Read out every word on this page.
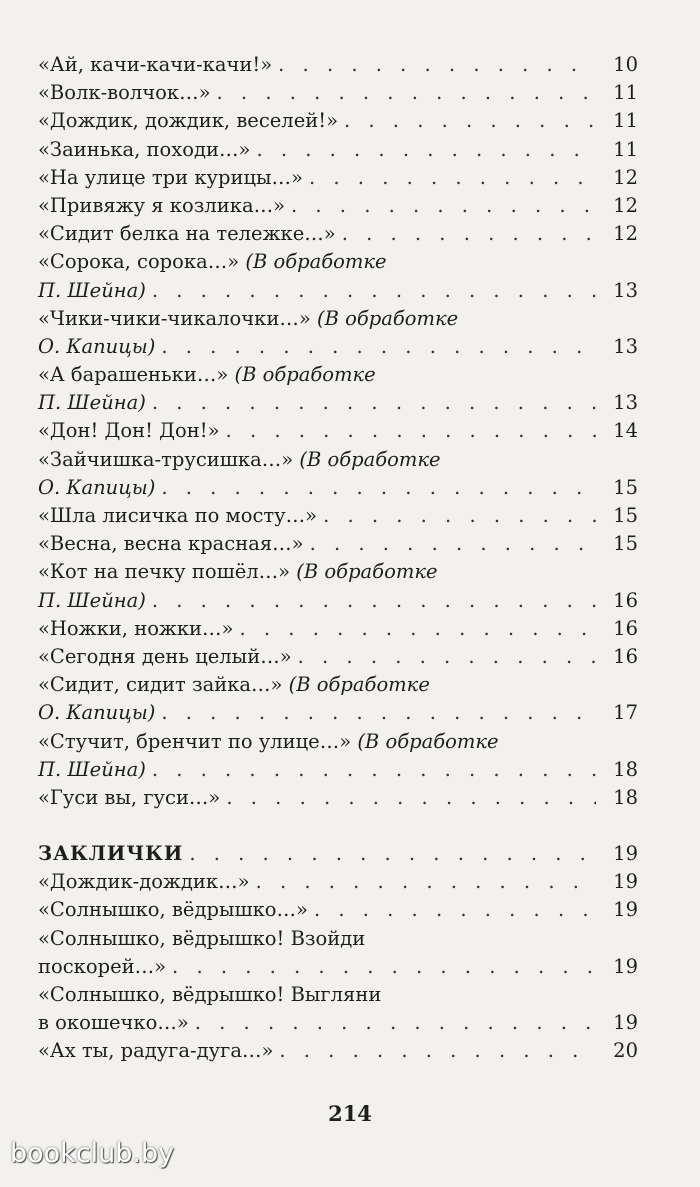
«Ай, качи-качи-качи!» . . .	10
«Волк-волчок…» . . .	11
«Дождик, дождик, веселей!» . . .	11
«Заинька, походи…» . . .	11
«На улице три курицы…» . . .	12
«Привяжу я козлика…» . . .	12
«Сидит белка на тележке…» . . .	12
«Сорока, сорока…»
(В обработке
П. Шейна) . . .	13
«Чики-чики-чикалочки…»
(В обработке
О. Капицы) . . .	13
«А барашеньки…»
(В обработке
П. Шейна) . . .	13
«Дон! Дон! Дон!» . . .	14
«Зайчишка-трусишка…»
(В обработке
О. Капицы) . . .	15
«Шла лисичка по мосту…» . . .	15
«Весна, весна красная…» . . .	15
«Кот на печку пошёл…»
(В обработке
П. Шейна) . . .	16
«Ножки, ножки…» . . .	16
«Сегодня день целый…» . . .	16
«Сидит, сидит зайка…»
(В обработке
О. Капицы) . . .	17
«Стучит, бренчит по улице…»
(В обработке
П. Шейна) . . .	18
«Гуси вы, гуси…» . . .	18
ЗАКЛИЧКИ . . .	19
«Дождик-дождик…» . . .	19
«Солнышко, вёдрышко…» . . .	19
«Солнышко, вёдрышко! Взойди
поскорей…» . . .	19
«Солнышко, вёдрышко! Выгляни
в окошечко…» . . .	19
«Ах ты, радуга-дуга…» . . .	20
214
bookclub.by
